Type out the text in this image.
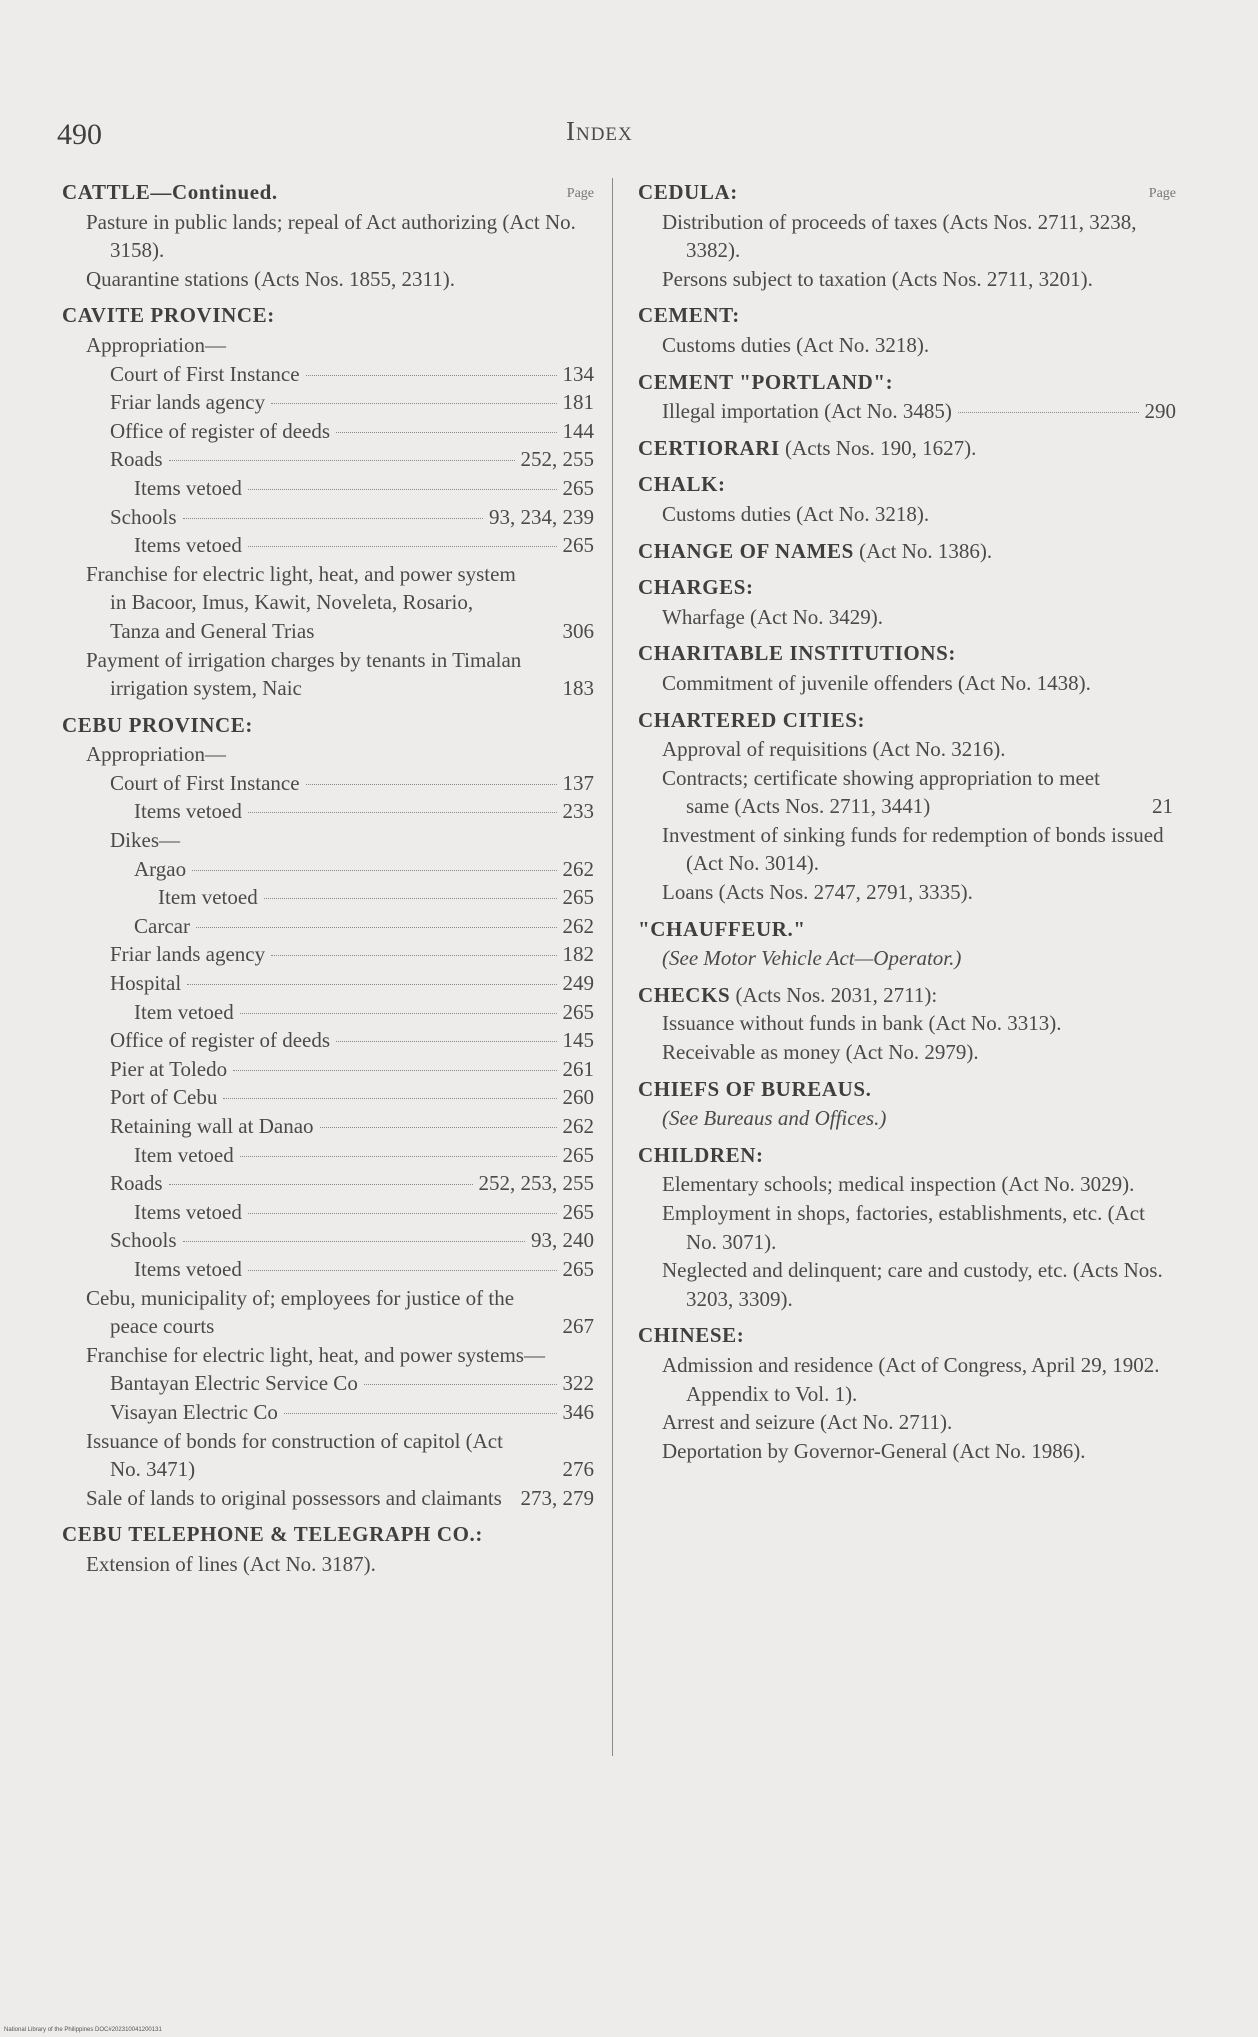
490	Index
Page
CATTLE—Continued.
Pasture in public lands; repeal of Act authorizing (Act No. 3158).
Quarantine stations (Acts Nos. 1855, 2311).
CAVITE PROVINCE:
Appropriation—
Court of First Instance	134
Friar lands agency	181
Office of register of deeds	144
Roads	252, 255
Items vetoed	265
Schools	93, 234, 239
Items vetoed	265
Franchise for electric light, heat, and power system in Bacoor, Imus, Kawit, Noveleta, Rosario, Tanza and General Trias	306
Payment of irrigation charges by tenants in Timalan irrigation system, Naic	183
CEBU PROVINCE:
Appropriation—
Court of First Instance	137
Items vetoed	233
Dikes—
Argao	262
Item vetoed	265
Carcar	262
Friar lands agency	182
Hospital	249
Item vetoed	265
Office of register of deeds	145
Pier at Toledo	261
Port of Cebu	260
Retaining wall at Danao	262
Item vetoed	265
Roads	252, 253, 255
Items vetoed	265
Schools	93, 240
Items vetoed	265
Cebu, municipality of; employees for justice of the peace courts	267
Franchise for electric light, heat, and power systems—
Bantayan Electric Service Co	322
Visayan Electric Co	346
Issuance of bonds for construction of capitol (Act No. 3471)	276
Sale of lands to original possessors and claimants 273, 279
CEBU TELEPHONE & TELEGRAPH CO.:
Extension of lines (Act No. 3187).
Page
CEDULA:
Distribution of proceeds of taxes (Acts Nos. 2711, 3238, 3382).
Persons subject to taxation (Acts Nos. 2711, 3201).
CEMENT:
Customs duties (Act No. 3218).
CEMENT "PORTLAND":
Illegal importation (Act No. 3485)	290
CERTIORARI (Acts Nos. 190, 1627).
CHALK:
Customs duties (Act No. 3218).
CHANGE OF NAMES (Act No. 1386).
CHARGES:
Wharfage (Act No. 3429).
CHARITABLE INSTITUTIONS:
Commitment of juvenile offenders (Act No. 1438).
CHARTERED CITIES:
Approval of requisitions (Act No. 3216).
Contracts; certificate showing appropriation to meet same (Acts Nos. 2711, 3441)	21
Investment of sinking funds for redemption of bonds issued (Act No. 3014).
Loans (Acts Nos. 2747, 2791, 3335).
"CHAUFFEUR."
(See Motor Vehicle Act—Operator.)
CHECKS (Acts Nos. 2031, 2711):
Issuance without funds in bank (Act No. 3313).
Receivable as money (Act No. 2979).
CHIEFS OF BUREAUS.
(See Bureaus and Offices.)
CHILDREN:
Elementary schools; medical inspection (Act No. 3029).
Employment in shops, factories, establishments, etc. (Act No. 3071).
Neglected and delinquent; care and custody, etc. (Acts Nos. 3203, 3309).
CHINESE:
Admission and residence (Act of Congress, April 29, 1902. Appendix to Vol. 1).
Arrest and seizure (Act No. 2711).
Deportation by Governor-General (Act No. 1986).
National Library of the Philippines DOC#202310041200131
